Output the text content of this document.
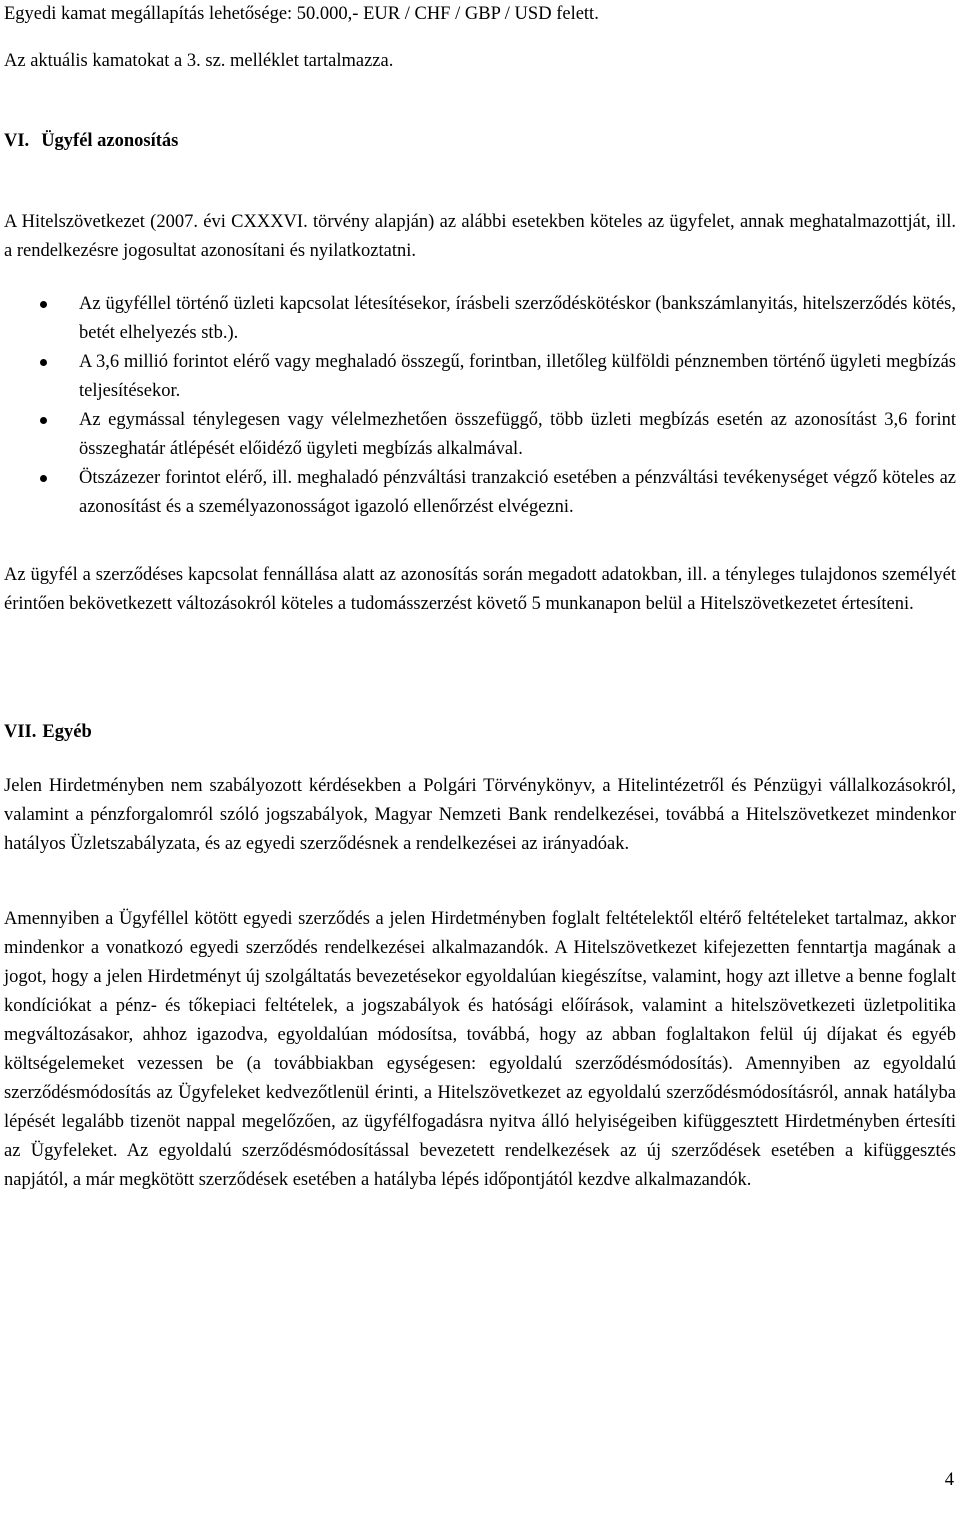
Egyedi kamat megállapítás lehetősége: 50.000,- EUR / CHF / GBP / USD felett.

Az aktuális kamatokat a 3. sz. melléklet tartalmazza.

VI. Ügyfél azonosítás

A Hitelszövetkezet (2007. évi CXXXVI. törvény alapján) az alábbi esetekben köteles az ügyfelet, annak meghatalmazottját, ill. a rendelkezésre jogosultat azonosítani és nyilatkoztatni.

Az ügyféllel történő üzleti kapcsolat létesítésekor, írásbeli szerződéskötéskor (bankszámlanyitás, hitelszerződés kötés, betét elhelyezés stb.).
A 3,6 millió forintot elérő vagy meghaladó összegű, forintban, illetőleg külföldi pénznemben történő ügyleti megbízás teljesítésekor.
Az egymással ténylegesen vagy vélelmezhetően összefüggő, több üzleti megbízás esetén az azonosítást 3,6 forint összeghatár átlépését előidéző ügyleti megbízás alkalmával.
Ötszázezer forintot elérő, ill. meghaladó pénzváltási tranzakció esetében a pénzváltási tevékenységet végző köteles az azonosítást és a személyazonosságot igazoló ellenőrzést elvégezni.

Az ügyfél a szerződéses kapcsolat fennállása alatt az azonosítás során megadott adatokban, ill. a tényleges tulajdonos személyét érintően bekövetkezett változásokról köteles a tudomásszerzést követő 5 munkanapon belül a Hitelszövetkezetet értesíteni.

VII. Egyéb

Jelen Hirdetményben nem szabályozott kérdésekben a Polgári Törvénykönyv, a Hitelintézetről és Pénzügyi vállalkozásokról, valamint a pénzforgalomról szóló jogszabályok, Magyar Nemzeti Bank rendelkezései, továbbá a Hitelszövetkezet mindenkor hatályos Üzletszabályzata, és az egyedi szerződésnek a rendelkezései az irányadóak.

Amennyiben a Ügyféllel kötött egyedi szerződés a jelen Hirdetményben foglalt feltételektől eltérő feltételeket tartalmaz, akkor mindenkor a vonatkozó egyedi szerződés rendelkezései alkalmazandók. A Hitelszövetkezet kifejezetten fenntartja magának a jogot, hogy a jelen Hirdetményt új szolgáltatás bevezetésekor egyoldalúan kiegészítse, valamint, hogy azt illetve a benne foglalt kondíciókat a pénz- és tőkepiaci feltételek, a jogszabályok és hatósági előírások, valamint a hitelszövetkezeti üzletpolitika megváltozásakor, ahhoz igazodva, egyoldalúan módosítsa, továbbá, hogy az abban foglaltakon felül új díjakat és egyéb költségelemeket vezessen be (a továbbiakban egységesen: egyoldalú szerződésmódosítás). Amennyiben az egyoldalú szerződésmódosítás az Ügyfeleket kedvezőtlenül érinti, a Hitelszövetkezet az egyoldalú szerződésmódosításról, annak hatályba lépését legalább tizenöt nappal megelőzően, az ügyfélfogadásra nyitva álló helyiségeiben kifüggesztett Hirdetményben értesíti az Ügyfeleket. Az egyoldalú szerződésmódosítással bevezetett rendelkezések az új szerződések esetében a kifüggesztés napjától, a már megkötött szerződések esetében a hatályba lépés időpontjától kezdve alkalmazandók.

4
